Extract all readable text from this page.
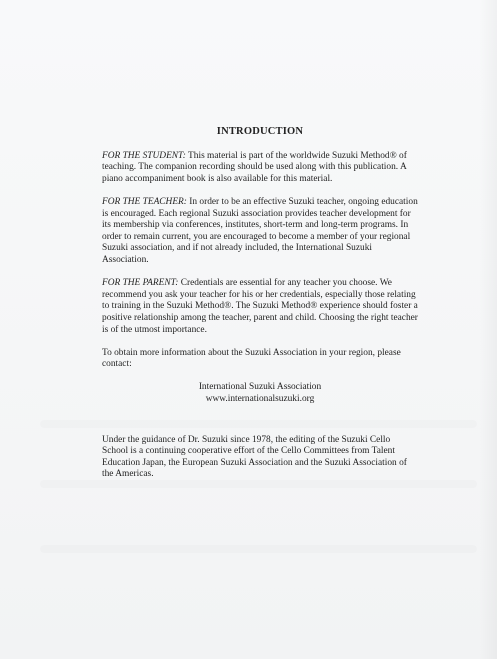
INTRODUCTION

FOR THE STUDENT: This material is part of the worldwide Suzuki Method® of teaching. The companion recording should be used along with this publication. A piano accompaniment book is also available for this material.

FOR THE TEACHER: In order to be an effective Suzuki teacher, ongoing education is encouraged. Each regional Suzuki association provides teacher development for its membership via conferences, institutes, short-term and long-term programs. In order to remain current, you are encouraged to become a member of your regional Suzuki association, and if not already included, the International Suzuki Association.

FOR THE PARENT: Credentials are essential for any teacher you choose. We recommend you ask your teacher for his or her credentials, especially those relating to training in the Suzuki Method®. The Suzuki Method® experience should foster a positive relationship among the teacher, parent and child. Choosing the right teacher is of the utmost importance.

To obtain more information about the Suzuki Association in your region, please contact:

International Suzuki Association
www.internationalsuzuki.org

Under the guidance of Dr. Suzuki since 1978, the editing of the Suzuki Cello School is a continuing cooperative effort of the Cello Committees from Talent Education Japan, the European Suzuki Association and the Suzuki Association of the Americas.
